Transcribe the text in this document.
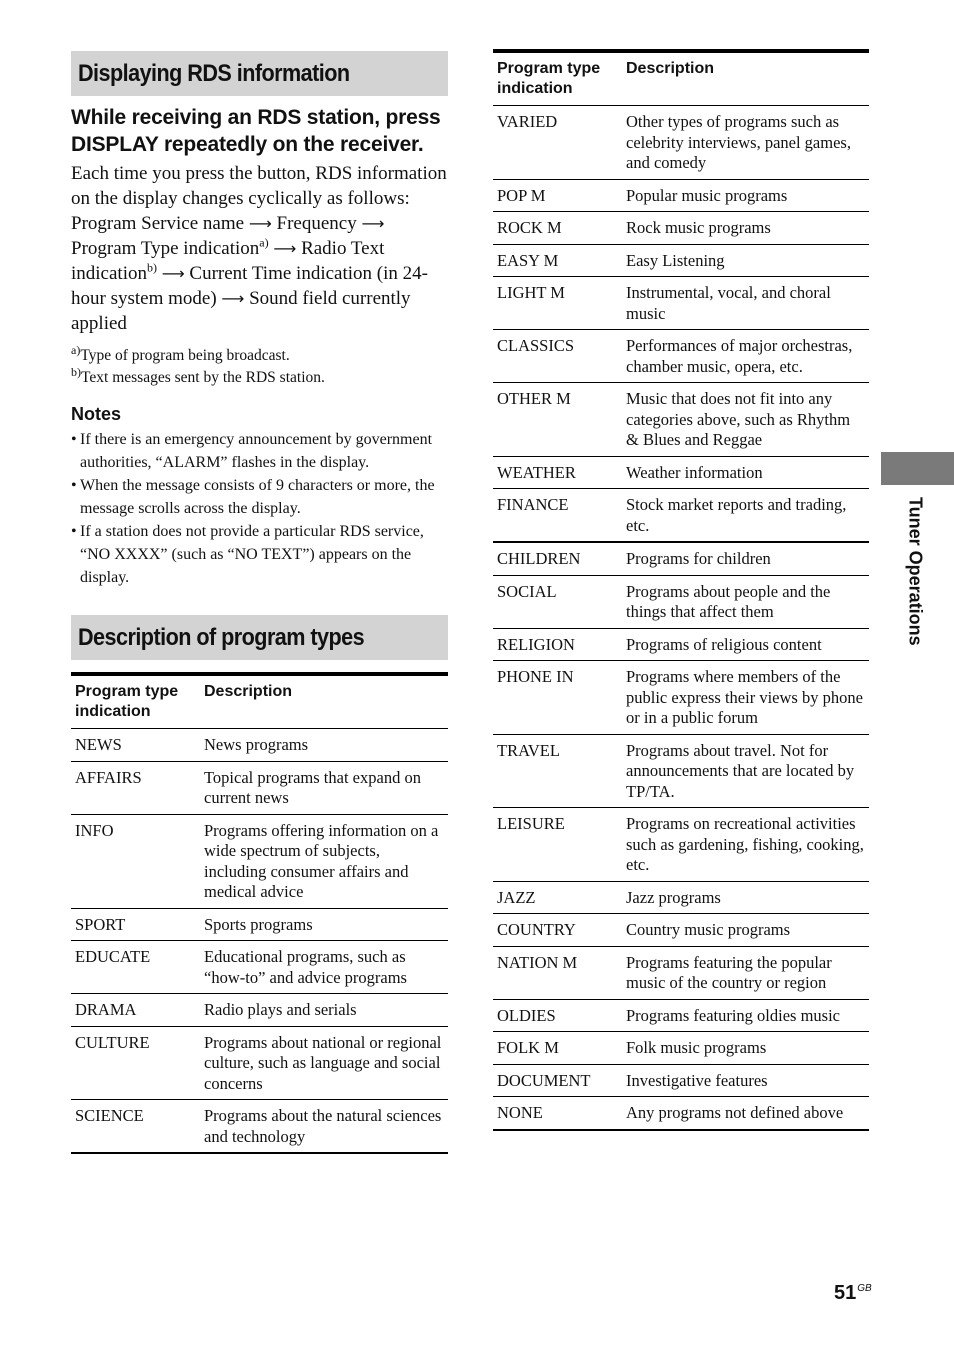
Displaying RDS information
While receiving an RDS station, press DISPLAY repeatedly on the receiver.

Each time you press the button, RDS information on the display changes cyclically as follows:
Program Service name ⟶ Frequency ⟶ Program Type indication$^{a)}$ ⟶ Radio Text indication$^{b)}$ ⟶ Current Time indication (in 24-hour system mode) ⟶ Sound field currently applied

$^{a)}$Type of program being broadcast.
$^{b)}$Text messages sent by the RDS station.
Notes
• If there is an emergency announcement by government authorities, “ALARM” flashes in the display.
• When the message consists of 9 characters or more, the message scrolls across the display.
• If a station does not provide a particular RDS service, “NO XXXX” (such as “NO TEXT”) appears on the display.
Description of program types
Program type indication	Description
NEWS	News programs
AFFAIRS	Topical programs that expand on current news
INFO	Programs offering information on a wide spectrum of subjects, including consumer affairs and medical advice
SPORT	Sports programs
EDUCATE	Educational programs, such as “how-to” and advice programs
DRAMA	Radio plays and serials
CULTURE	Programs about national or regional culture, such as language and social concerns
SCIENCE	Programs about the natural sciences and technology
Program type indication	Description
VARIED	Other types of programs such as celebrity interviews, panel games, and comedy
POP M	Popular music programs
ROCK M	Rock music programs
EASY M	Easy Listening
LIGHT M	Instrumental, vocal, and choral music
CLASSICS	Performances of major orchestras, chamber music, opera, etc.
OTHER M	Music that does not fit into any categories above, such as Rhythm & Blues and Reggae
WEATHER	Weather information
FINANCE	Stock market reports and trading, etc.
CHILDREN	Programs for children
SOCIAL	Programs about people and the things that affect them
RELIGION	Programs of religious content
PHONE IN	Programs where members of the public express their views by phone or in a public forum
TRAVEL	Programs about travel. Not for announcements that are located by TP/TA.
LEISURE	Programs on recreational activities such as gardening, fishing, cooking, etc.
JAZZ	Jazz programs
COUNTRY	Country music programs
NATION M	Programs featuring the popular music of the country or region
OLDIES	Programs featuring oldies music
FOLK M	Folk music programs
DOCUMENT	Investigative features
NONE	Any programs not defined above
Tuner Operations
$51^{GB}$
